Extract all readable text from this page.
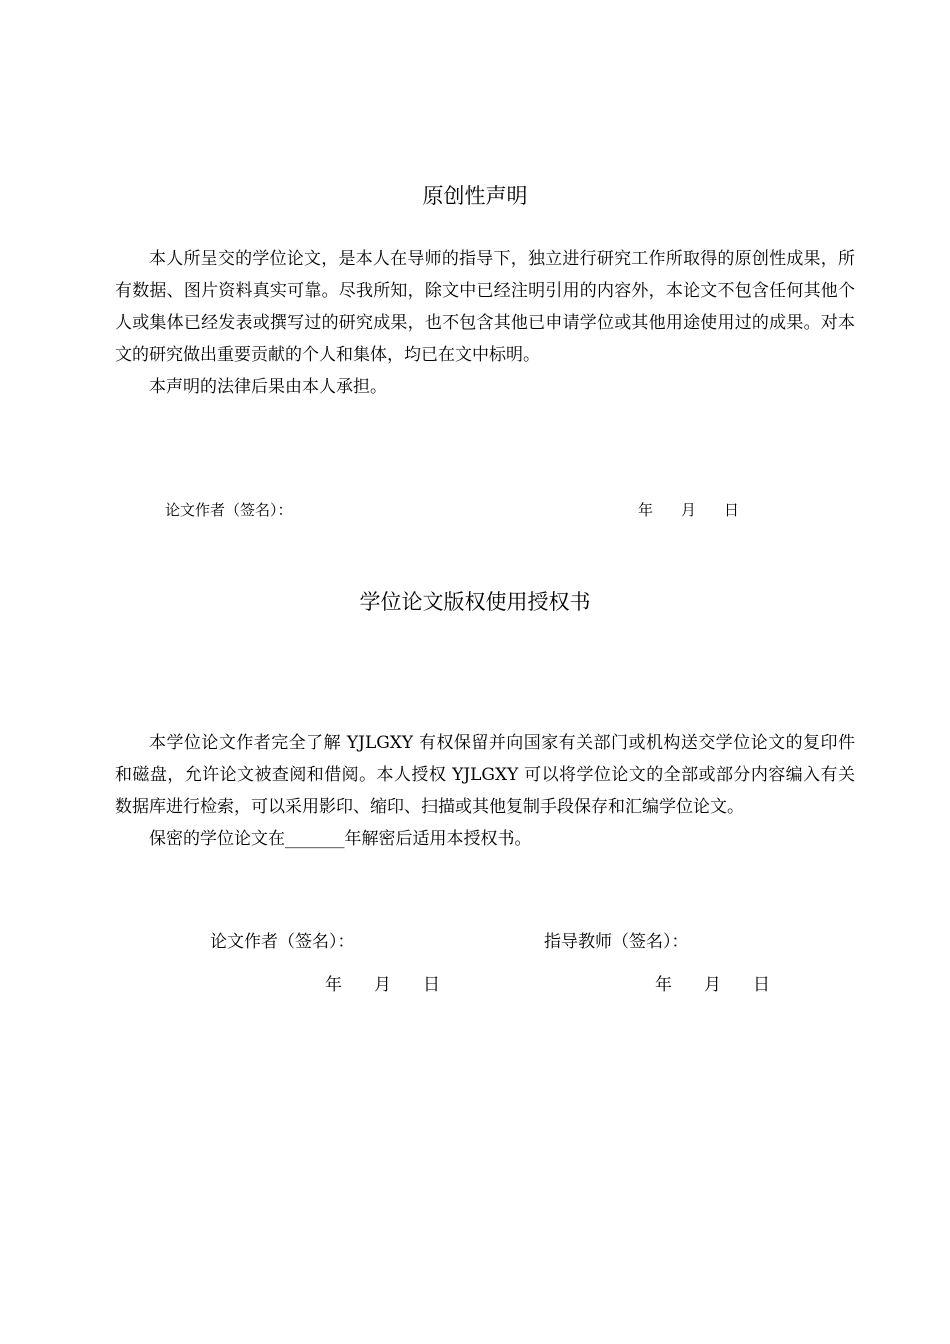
原创性声明

本人所呈交的学位论文，是本人在导师的指导下，独立进行研究工作所取得的原创性成果，所有数据、图片资料真实可靠。尽我所知，除文中已经注明引用的内容外，本论文不包含任何其他个人或集体已经发表或撰写过的研究成果，也不包含其他已申请学位或其他用途使用过的成果。对本文的研究做出重要贡献的个人和集体，均已在文中标明。

本声明的法律后果由本人承担。

论文作者（签名）：	年 月 日
学位论文版权使用授权书

本学位论文作者完全了解 YJLGXY 有权保留并向国家有关部门或机构送交学位论文的复印件和磁盘，允许论文被查阅和借阅。本人授权 YJLGXY 可以将学位论文的全部或部分内容编入有关数据库进行检索，可以采用影印、缩印、扫描或其他复制手段保存和汇编学位论文。

保密的学位论文在_______年解密后适用本授权书。

论文作者（签名）：	指导教师（签名）：
年 月 日	年 月 日
